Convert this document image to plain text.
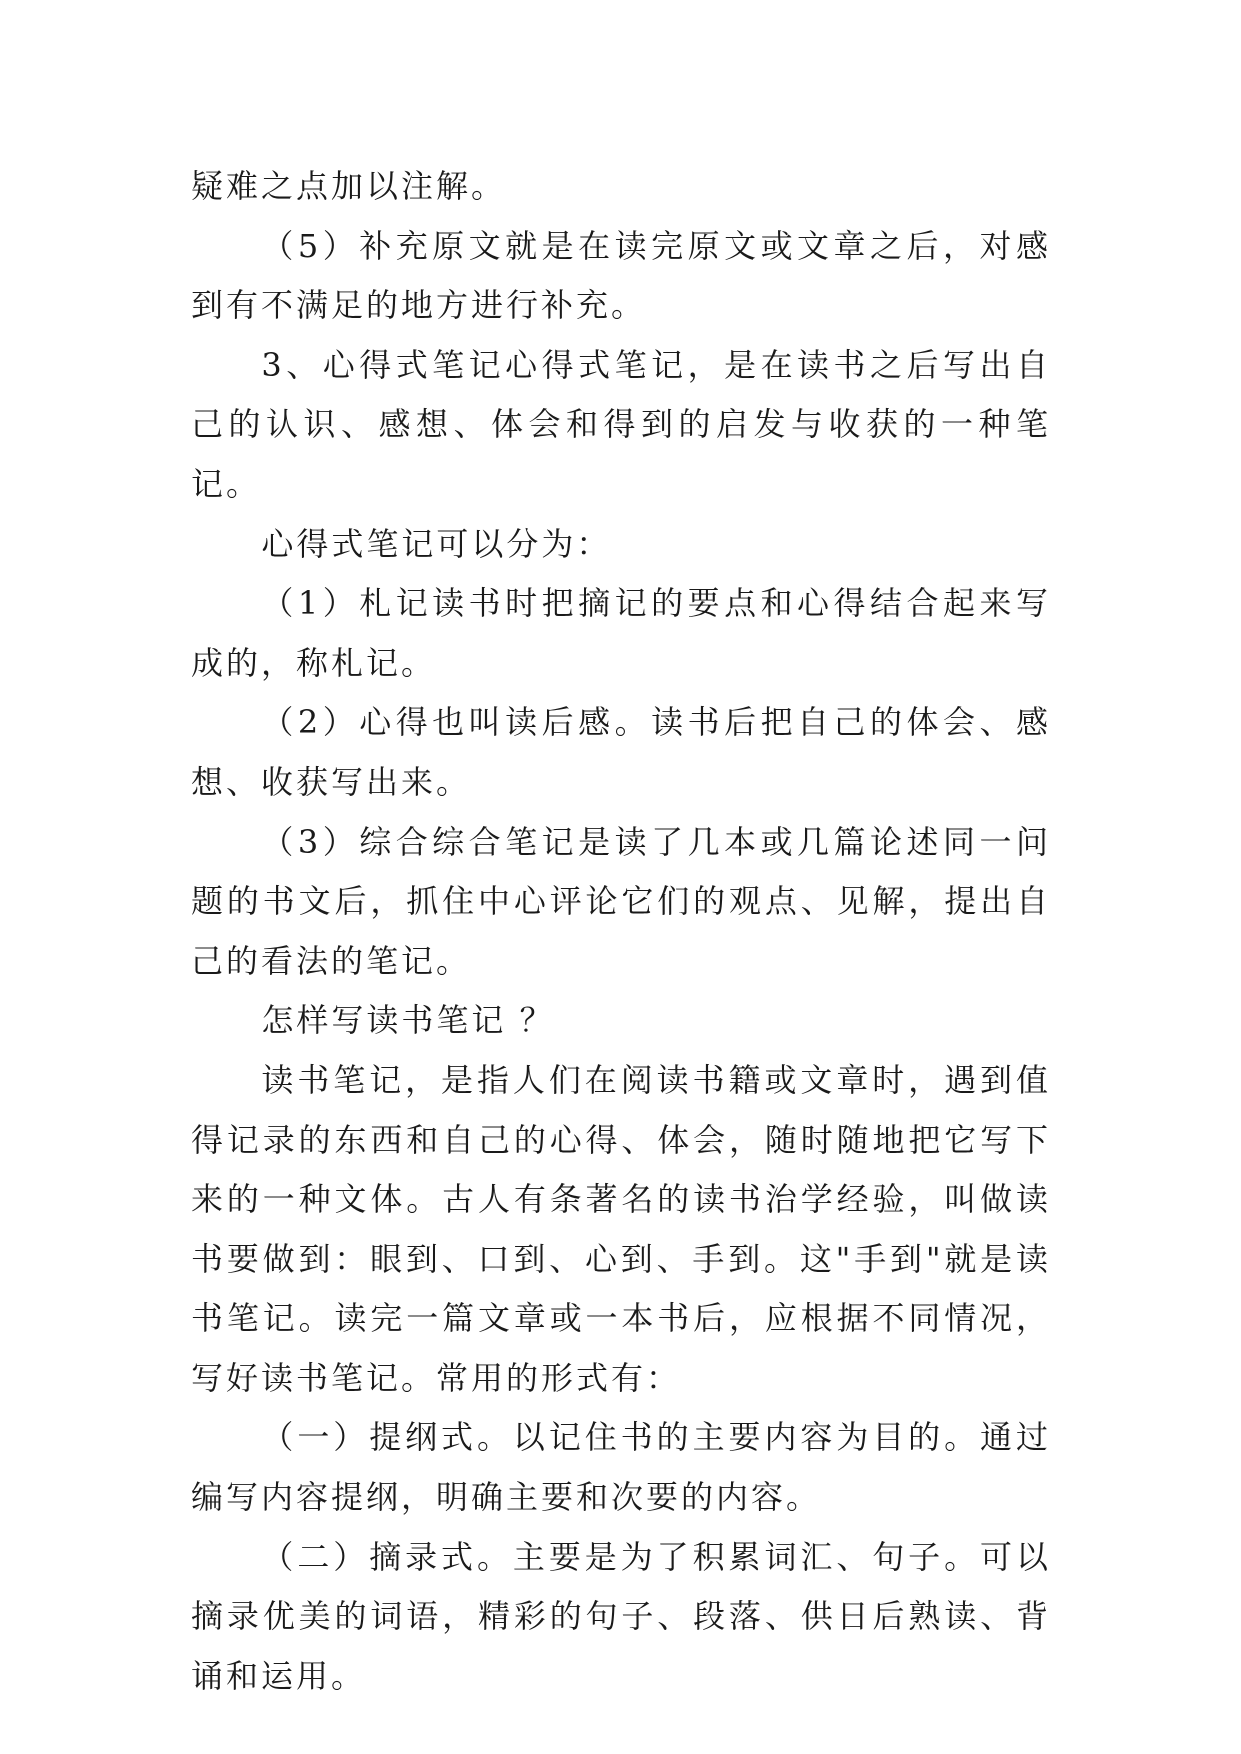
疑难之点加以注解。

（5）补充原文就是在读完原文或文章之后，对感到有不满足的地方进行补充。

3、心得式笔记心得式笔记，是在读书之后写出自己的认识、感想、体会和得到的启发与收获的一种笔记。

心得式笔记可以分为：

（1）札记读书时把摘记的要点和心得结合起来写成的，称札记。

（2）心得也叫读后感。读书后把自己的体会、感想、收获写出来。

（3）综合综合笔记是读了几本或几篇论述同一问题的书文后，抓住中心评论它们的观点、见解，提出自己的看法的笔记。

怎样写读书笔记 ？

读书笔记，是指人们在阅读书籍或文章时，遇到值得记录的东西和自己的心得、体会，随时随地把它写下来的一种文体。古人有条著名的读书治学经验，叫做读书要做到：眼到、口到、心到、手到。这"手到"就是读书笔记。读完一篇文章或一本书后，应根据不同情况，写好读书笔记。常用的形式有：

（一）提纲式。以记住书的主要内容为目的。通过编写内容提纲，明确主要和次要的内容。

（二）摘录式。主要是为了积累词汇、句子。可以摘录优美的词语，精彩的句子、段落、供日后熟读、背诵和运用。
